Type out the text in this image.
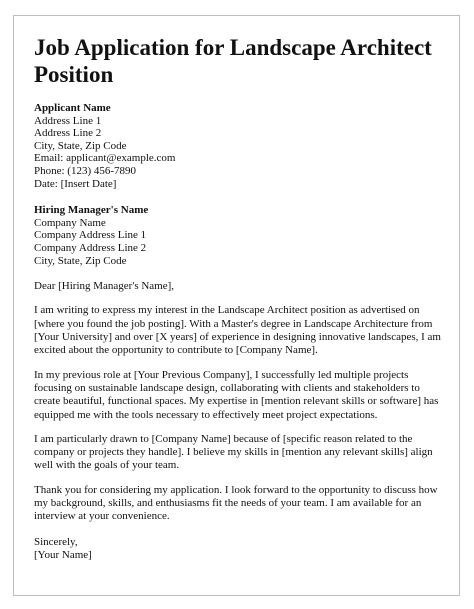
Job Application for Landscape Architect Position
Applicant Name
Address Line 1
Address Line 2
City, State, Zip Code
Email: applicant@example.com
Phone: (123) 456-7890
Date: [Insert Date]
Hiring Manager's Name
Company Name
Company Address Line 1
Company Address Line 2
City, State, Zip Code

Dear [Hiring Manager's Name],

I am writing to express my interest in the Landscape Architect position as advertised on [where you found the job posting]. With a Master's degree in Landscape Architecture from [Your University] and over [X years] of experience in designing innovative landscapes, I am excited about the opportunity to contribute to [Company Name].

In my previous role at [Your Previous Company], I successfully led multiple projects focusing on sustainable landscape design, collaborating with clients and stakeholders to create beautiful, functional spaces. My expertise in [mention relevant skills or software] has equipped me with the tools necessary to effectively meet project expectations.

I am particularly drawn to [Company Name] because of [specific reason related to the company or projects they handle]. I believe my skills in [mention any relevant skills] align well with the goals of your team.

Thank you for considering my application. I look forward to the opportunity to discuss how my background, skills, and enthusiasms fit the needs of your team. I am available for an interview at your convenience.

Sincerely,
[Your Name]
